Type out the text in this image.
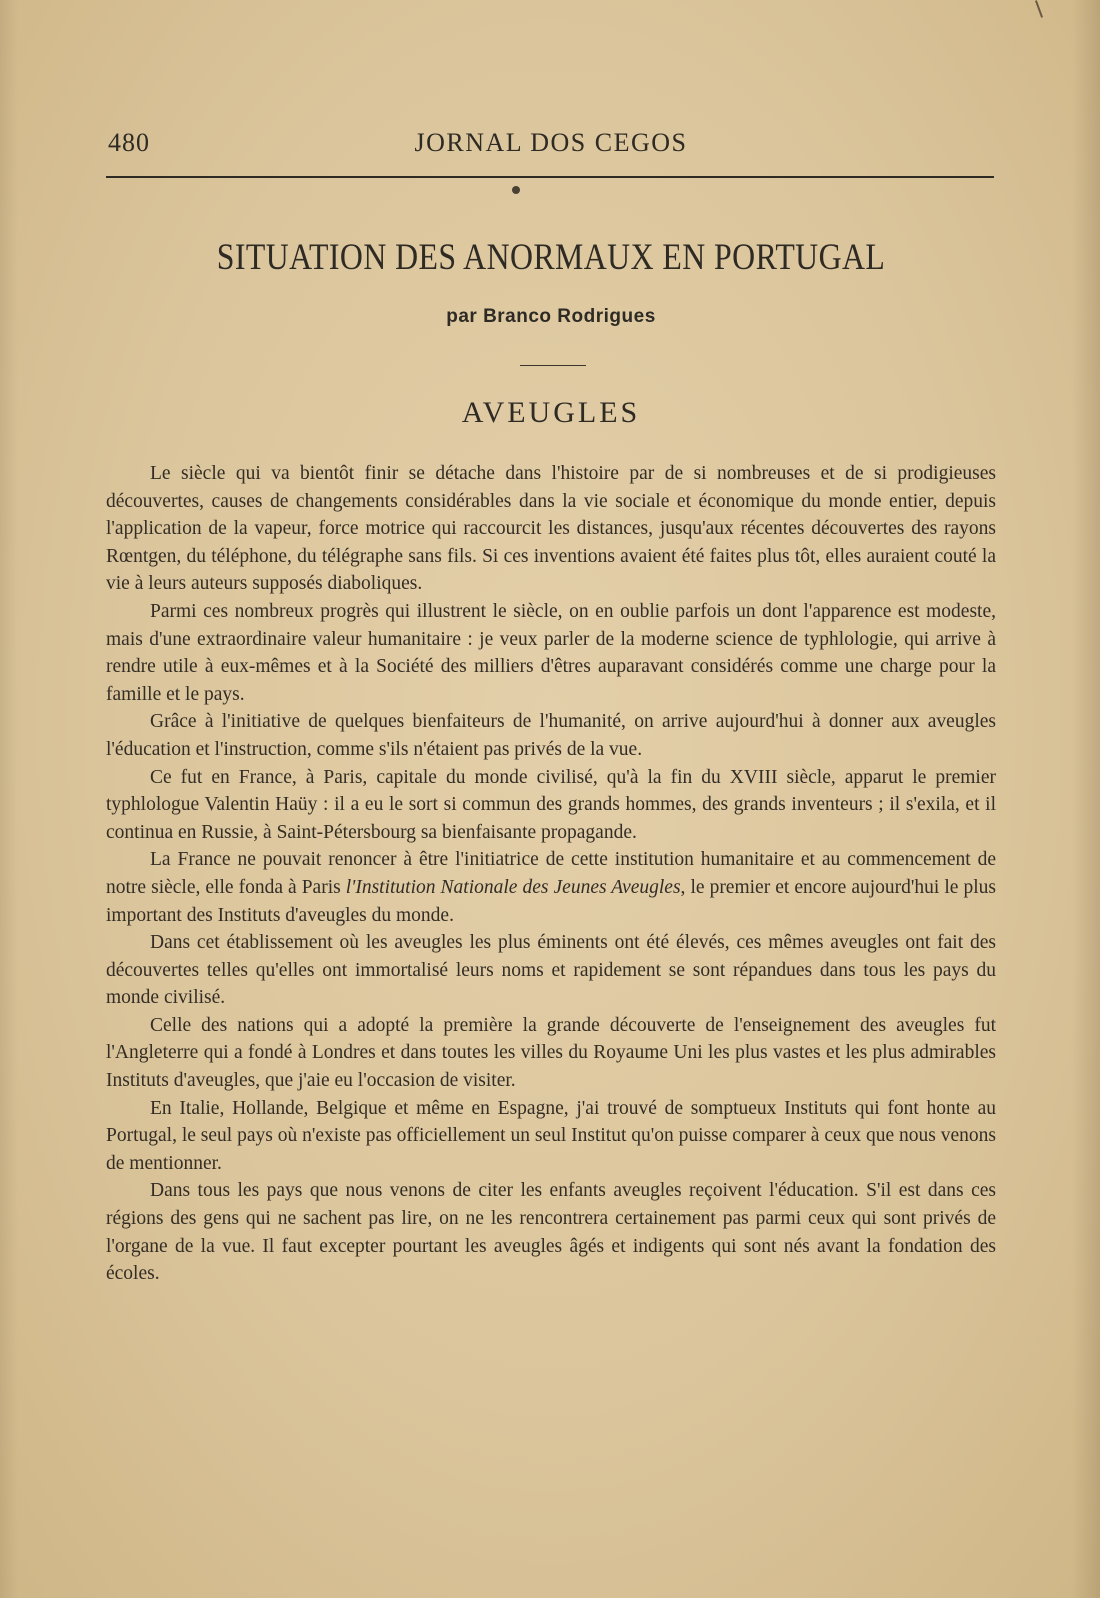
480	JORNAL DOS CEGOS
SITUATION DES ANORMAUX EN PORTUGAL
par Branco Rodrigues
AVEUGLES

Le siècle qui va bientôt finir se détache dans l'histoire par de si nombreuses et de si prodigieuses découvertes, causes de changements considérables dans la vie sociale et économique du monde entier, depuis l'application de la vapeur, force motrice qui raccourcit les distances, jusqu'aux récentes découvertes des rayons Rœntgen, du téléphone, du télégraphe sans fils. Si ces inventions avaient été faites plus tôt, elles auraient couté la vie à leurs auteurs supposés diaboliques.

Parmi ces nombreux progrès qui illustrent le siècle, on en oublie parfois un dont l'apparence est modeste, mais d'une extraordinaire valeur humanitaire : je veux parler de la moderne science de typhlologie, qui arrive à rendre utile à eux-mêmes et à la Société des milliers d'êtres auparavant considérés comme une charge pour la famille et le pays.

Grâce à l'initiative de quelques bienfaiteurs de l'humanité, on arrive aujourd'hui à donner aux aveugles l'éducation et l'instruction, comme s'ils n'étaient pas privés de la vue.

Ce fut en France, à Paris, capitale du monde civilisé, qu'à la fin du XVIII siècle, apparut le premier typhlologue Valentin Haüy : il a eu le sort si commun des grands hommes, des grands inventeurs ; il s'exila, et il continua en Russie, à Saint-Pétersbourg sa bienfaisante propagande.

La France ne pouvait renoncer à être l'initiatrice de cette institution humanitaire et au commencement de notre siècle, elle fonda à Paris l'Institution Nationale des Jeunes Aveugles, le premier et encore aujourd'hui le plus important des Instituts d'aveugles du monde.

Dans cet établissement où les aveugles les plus éminents ont été élevés, ces mêmes aveugles ont fait des découvertes telles qu'elles ont immortalisé leurs noms et rapidement se sont répandues dans tous les pays du monde civilisé.

Celle des nations qui a adopté la première la grande découverte de l'enseignement des aveugles fut l'Angleterre qui a fondé à Londres et dans toutes les villes du Royaume Uni les plus vastes et les plus admirables Instituts d'aveugles, que j'aie eu l'occasion de visiter.

En Italie, Hollande, Belgique et même en Espagne, j'ai trouvé de somptueux Instituts qui font honte au Portugal, le seul pays où n'existe pas officiellement un seul Institut qu'on puisse comparer à ceux que nous venons de mentionner.

Dans tous les pays que nous venons de citer les enfants aveugles reçoivent l'éducation. S'il est dans ces régions des gens qui ne sachent pas lire, on ne les rencontrera certainement pas parmi ceux qui sont privés de l'organe de la vue. Il faut excepter pourtant les aveugles âgés et indigents qui sont nés avant la fondation des écoles.
